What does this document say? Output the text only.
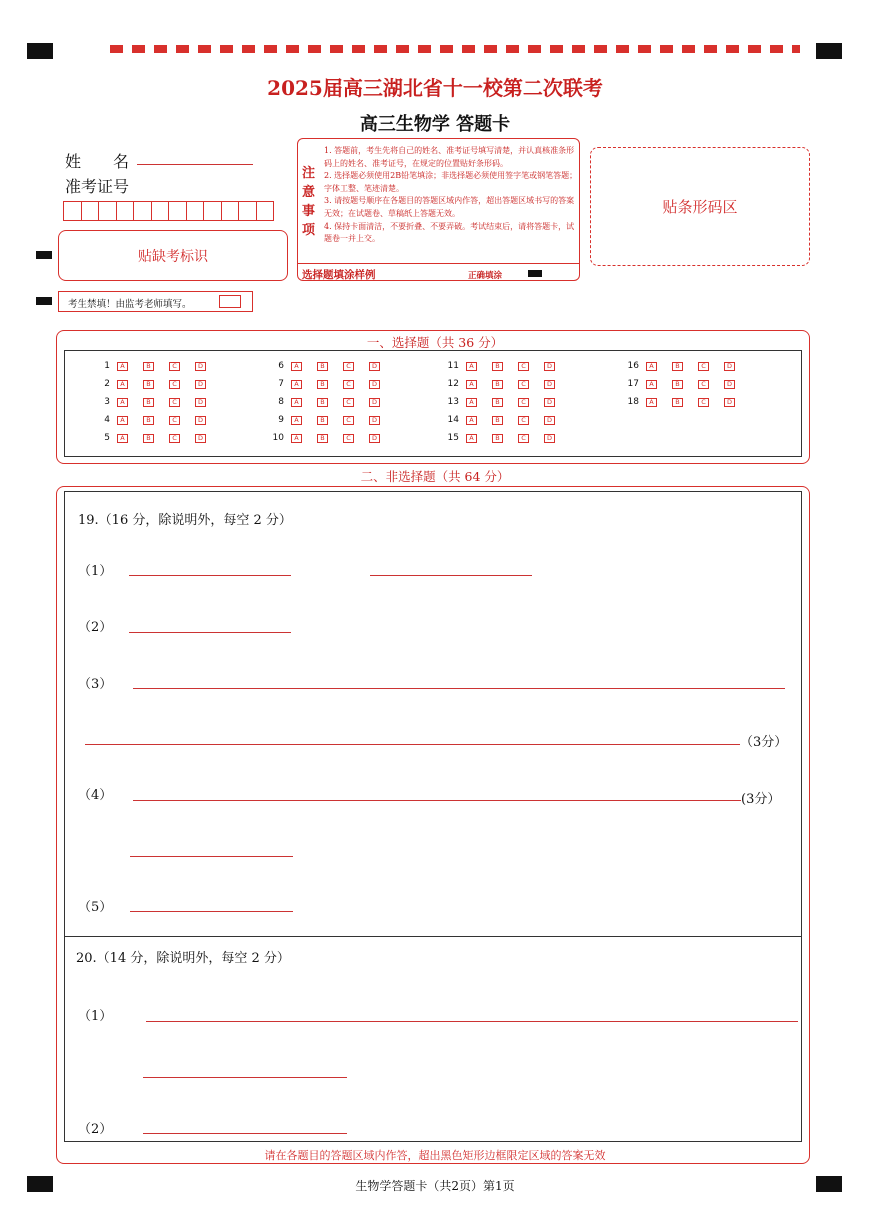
2025届高三湖北省十一校第二次联考
高三生物学 答题卡
姓　　名
准考证号
贴缺考标识
考生禁填！由监考老师填写。
注意事项
1. 答题前，考生先将自己的姓名、准考证号填写清楚，并认真核准条形码上的姓名、准考证号，在规定的位置贴好条形码。
2. 选择题必须使用2B铅笔填涂；非选择题必须使用签字笔或钢笔答题；字体工整、笔迹清楚。
3. 请按题号顺序在各题目的答题区域内作答，超出答题区域书写的答案无效；在试题卷、草稿纸上答题无效。
4. 保持卡面清洁，不要折叠、不要弄破。考试结束后，请将答题卡，试题卷一并上交。
选择题填涂样例	正确填涂
贴条形码区
一、选择题（共 36 分）
1	A	B	C	D
2	A	B	C	D
3	A	B	C	D
4	A	B	C	D
5	A	B	C	D
6	A	B	C	D
7	A	B	C	D
8	A	B	C	D
9	A	B	C	D
10	A	B	C	D
11	A	B	C	D
12	A	B	C	D
13	A	B	C	D
14	A	B	C	D
15	A	B	C	D
16	A	B	C	D
17	A	B	C	D
18	A	B	C	D
二、非选择题（共 64 分）
19.（16 分，除说明外，每空 2 分）
（1）
（2）
（3）
（3分）
（4）	(3分）
（5）
20.（14 分，除说明外，每空 2 分）
（1）
（2）
请在各题目的答题区域内作答，超出黑色矩形边框限定区域的答案无效
生物学答题卡（共2页）第1页
